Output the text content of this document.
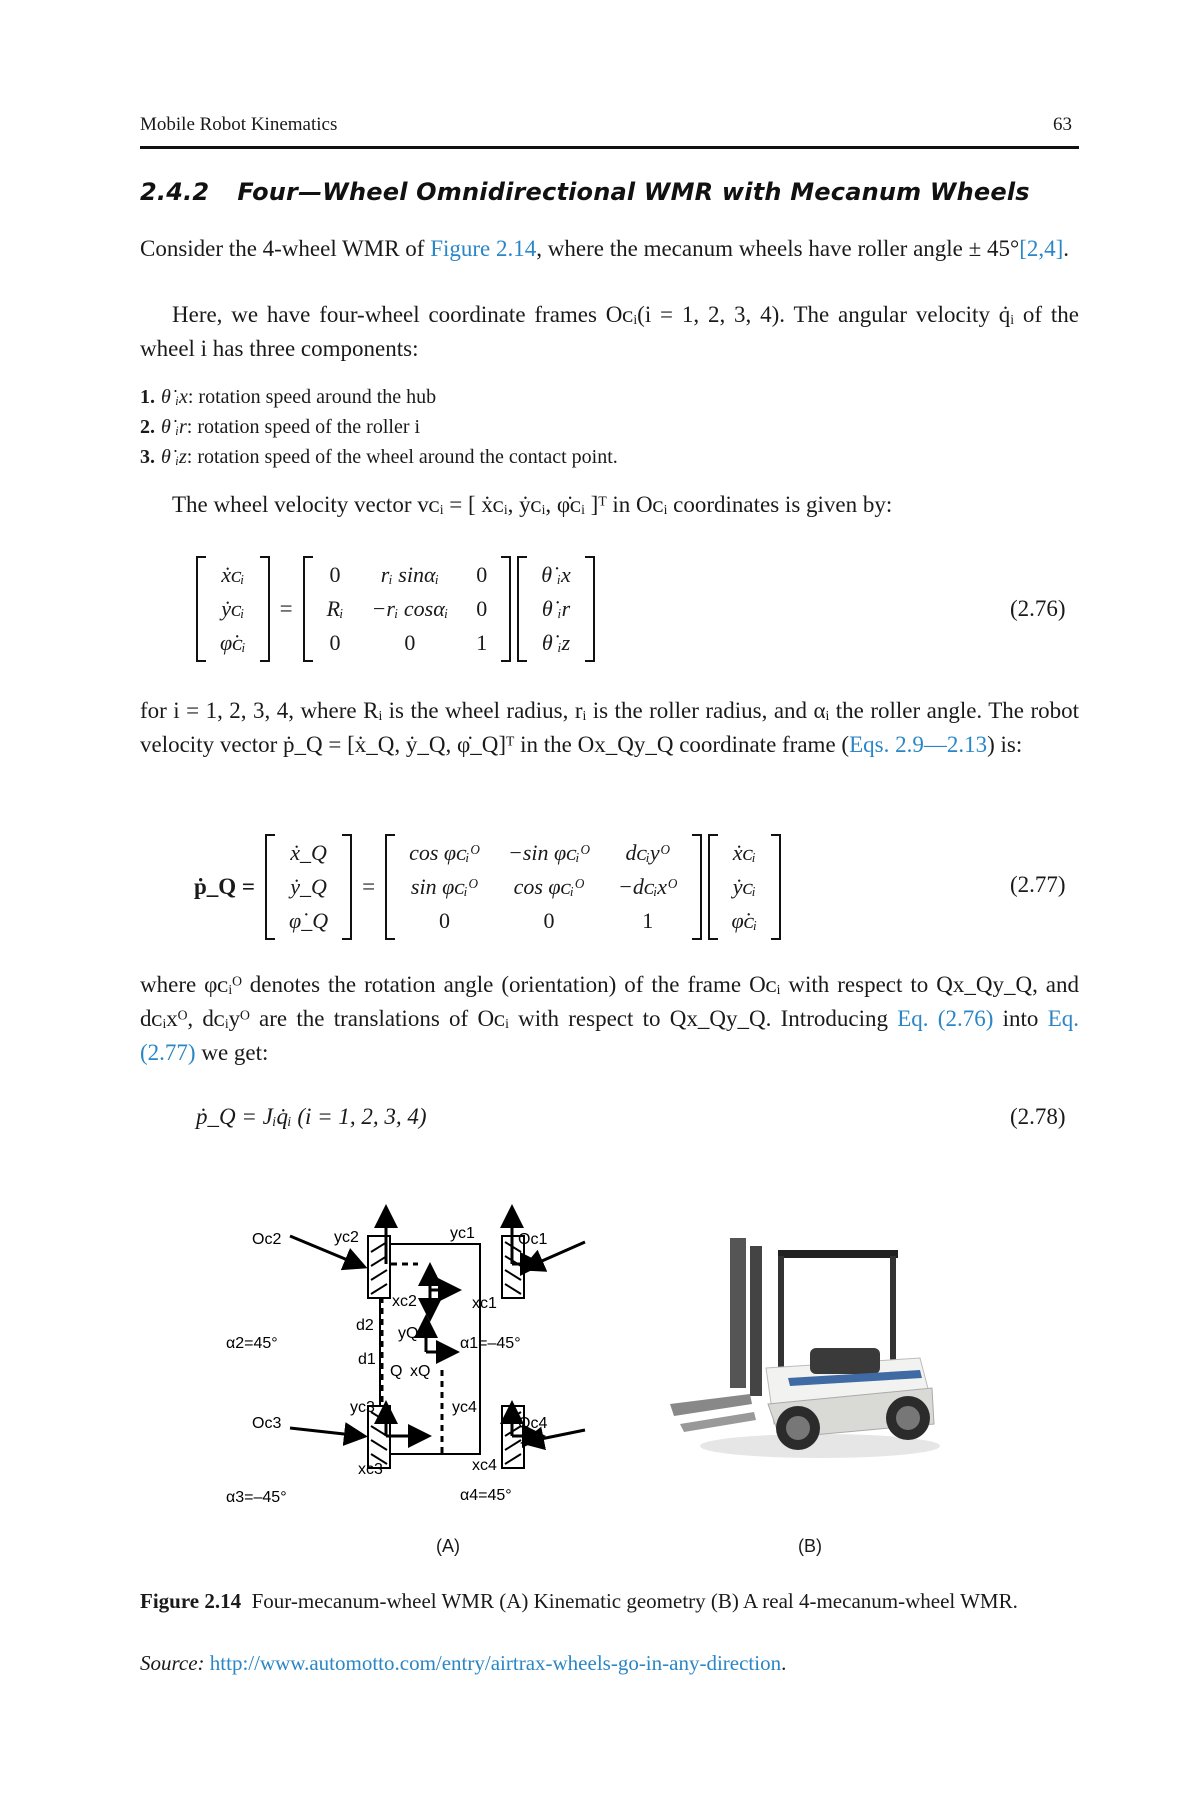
Mobile Robot Kinematics	63
2.4.2 Four—Wheel Omnidirectional WMR with Mecanum Wheels

Consider the 4-wheel WMR of Figure 2.14, where the mecanum wheels have roller angle ± 45°[2,4].

Here, we have four-wheel coordinate frames Oᴄᵢ(i = 1, 2, 3, 4). The angular velocity q̇ᵢ of the wheel i has three components:

1. θ̇ ᵢx: rotation speed around the hub
2. θ̇ ᵢr: rotation speed of the roller i
3. θ̇ ᵢz: rotation speed of the wheel around the contact point.

The wheel velocity vector vᴄᵢ = [ ẋᴄᵢ, ẏᴄᵢ, φ̇ᴄᵢ ]ᵀ in Oᴄᵢ coordinates is given by:

ẋᴄᵢ
ẏᴄᵢ
φ̇ᴄᵢ
=
0	rᵢ sinαᵢ	0
Rᵢ	−rᵢ cosαᵢ	0
0	0	1
θ̇ ᵢx
θ̇ ᵢr
θ̇ ᵢz
(2.76)

for i = 1, 2, 3, 4, where Rᵢ is the wheel radius, rᵢ is the roller radius, and αᵢ the roller angle. The robot velocity vector ṗ_Q = [ẋ_Q, ẏ_Q, φ̇_Q]ᵀ in the Ox_Qy_Q coordinate frame (Eqs. 2.9—2.13) is:

ṗ_Q =
ẋ_Q
ẏ_Q
φ̇_Q
=
cos φᴄᵢᴼ	−sin φᴄᵢᴼ	dᴄᵢyᴼ
sin φᴄᵢᴼ	cos φᴄᵢᴼ	−dᴄᵢxᴼ
0	0	1
ẋᴄᵢ
ẏᴄᵢ
φ̇ᴄᵢ
(2.77)

where φᴄᵢᴼ denotes the rotation angle (orientation) of the frame Oᴄᵢ with respect to Qx_Qy_Q, and dᴄᵢxᴼ, dᴄᵢyᴼ are the translations of Oᴄᵢ with respect to Qx_Qy_Q. Introducing Eq. (2.76) into Eq. (2.77) we get:

ṗ_Q = Jᵢq̇ᵢ (i = 1, 2, 3, 4)	(2.78)
Oc2	yc2	yc1	Oc1
xc2	xc1
d2 yQ
α2=45°	α1=–45°
d1
Q xQ
Oc3
yc3	yc4
Oc4
xc3	xc4
α3=–45°	α4=45°
(A)	(B)
Figure 2.14 Four-mecanum-wheel WMR (A) Kinematic geometry (B) A real 4-mecanum-wheel WMR.
Source: http://www.automotto.com/entry/airtrax-wheels-go-in-any-direction.
